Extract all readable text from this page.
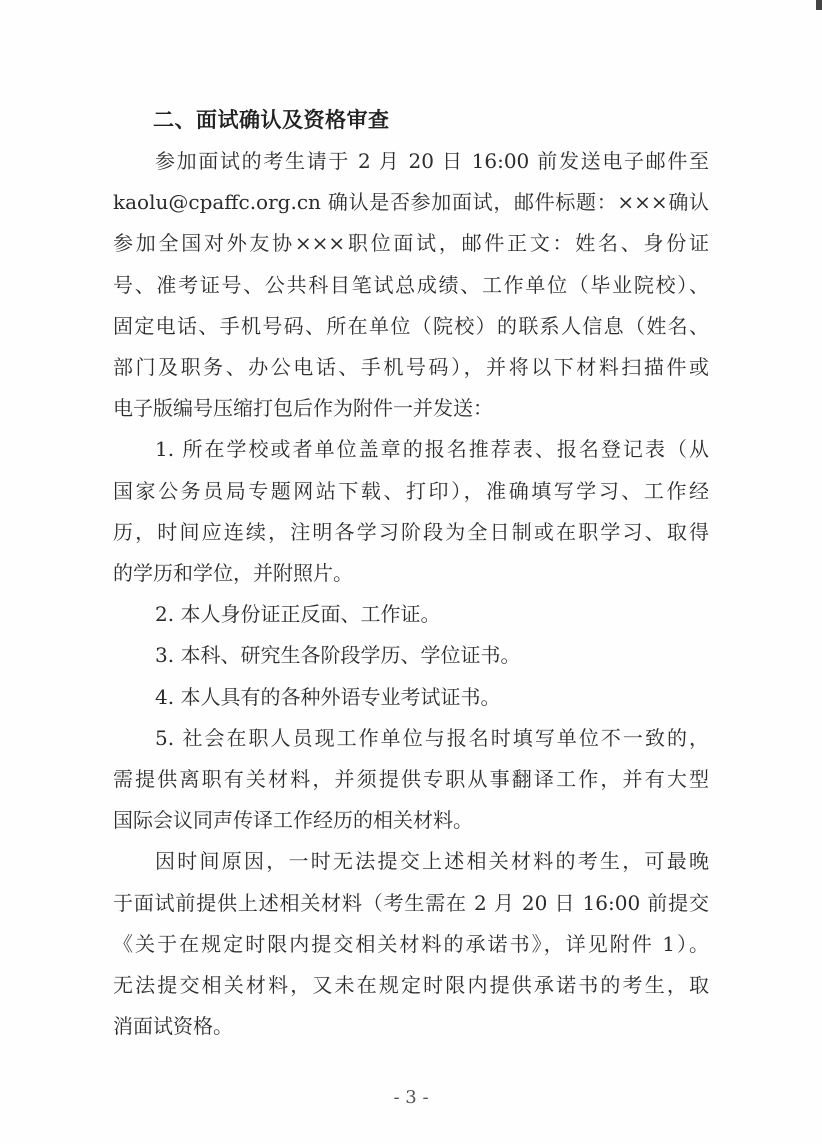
二、面试确认及资格审查
参加面试的考生请于 2 月 20 日 16:00 前发送电子邮件至
kaolu@cpaffc.org.cn 确认是否参加面试，邮件标题：×××确认
参加全国对外友协×××职位面试，邮件正文：姓名、身份证
号、准考证号、公共科目笔试总成绩、工作单位（毕业院校）、
固定电话、手机号码、所在单位（院校）的联系人信息（姓名、
部门及职务、办公电话、手机号码），并将以下材料扫描件或
电子版编号压缩打包后作为附件一并发送：
1. 所在学校或者单位盖章的报名推荐表、报名登记表（从
国家公务员局专题网站下载、打印），准确填写学习、工作经
历，时间应连续，注明各学习阶段为全日制或在职学习、取得
的学历和学位，并附照片。
2. 本人身份证正反面、工作证。
3. 本科、研究生各阶段学历、学位证书。
4. 本人具有的各种外语专业考试证书。
5. 社会在职人员现工作单位与报名时填写单位不一致的，
需提供离职有关材料，并须提供专职从事翻译工作，并有大型
国际会议同声传译工作经历的相关材料。
因时间原因，一时无法提交上述相关材料的考生，可最晚
于面试前提供上述相关材料（考生需在 2 月 20 日 16:00 前提交
《关于在规定时限内提交相关材料的承诺书》，详见附件 1）。
无法提交相关材料，又未在规定时限内提供承诺书的考生，取
消面试资格。
- 3 -
